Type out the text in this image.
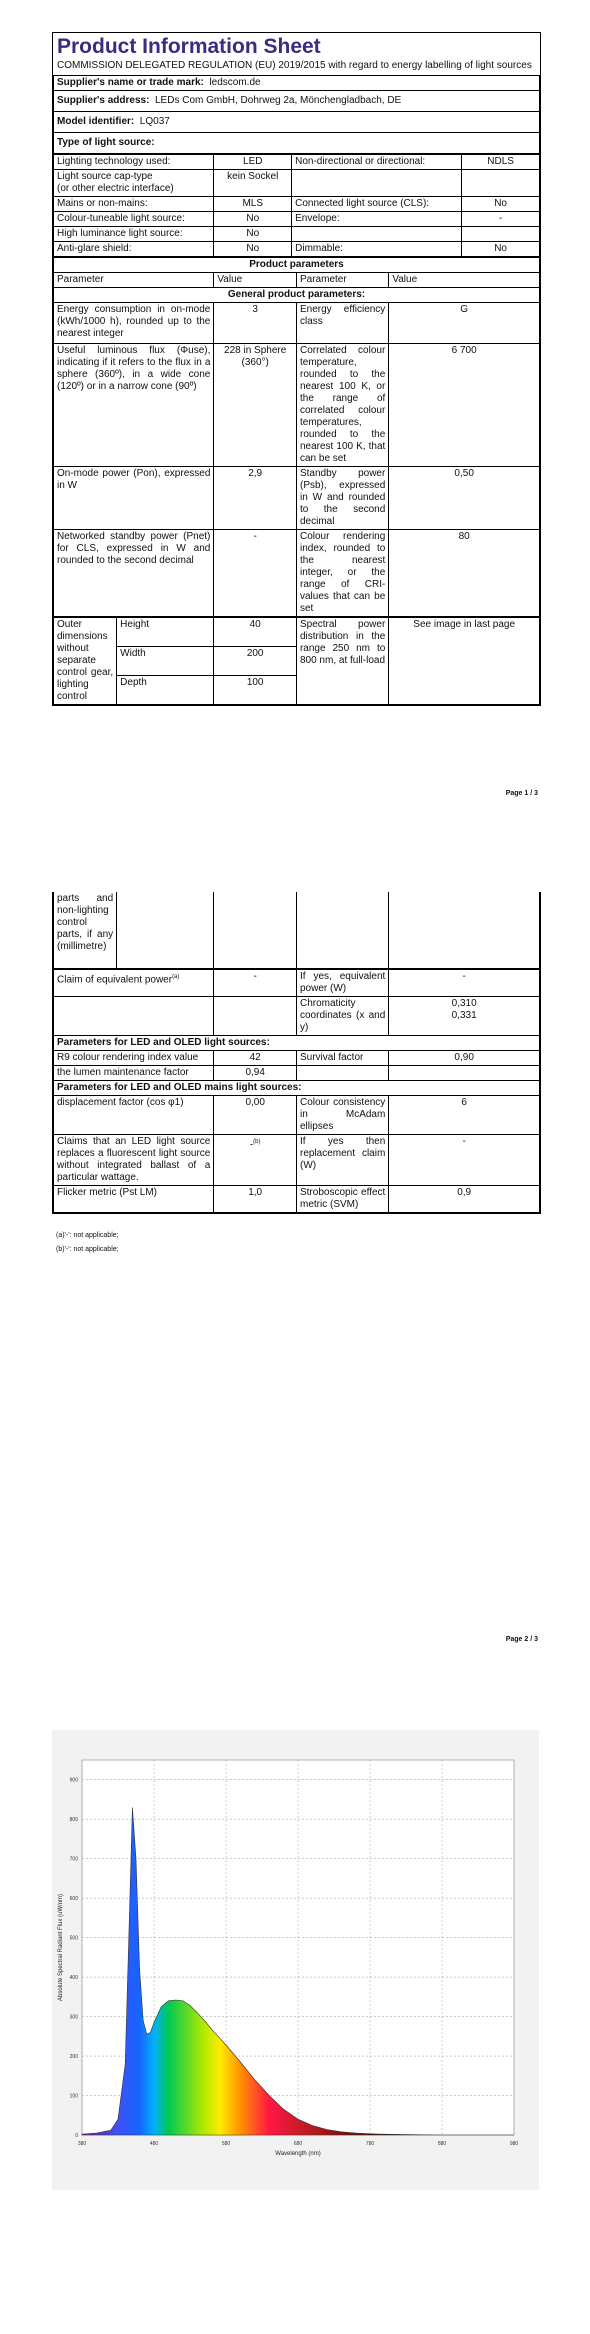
Product Information Sheet
COMMISSION DELEGATED REGULATION (EU) 2019/2015 with regard to energy labelling of light sources
Supplier's name or trade mark: ledscom.de
Supplier's address: LEDs Com GmbH, Dohrweg 2a, Mönchengladbach, DE
Model identifier: LQ037
Type of light source:
Lighting technology used:	LED	Non-directional or directional:	NDLS
Light source cap-type
(or other electric interface)	kein Sockel		
Mains or non-mains:	MLS	Connected light source (CLS):	No
Colour-tuneable light source:	No	Envelope:	-
High luminance light source:	No		
Anti-glare shield:	No	Dimmable:	No
Product parameters			
Parameter	Value	Parameter	Value
General product parameters:			
Energy consumption in on-mode (kWh/1000 h), rounded up to the nearest integer	3	Energy efficiency class	G
Useful luminous flux (Φuse), indicating if it refers to the flux in a sphere (360º), in a wide cone (120º) or in a narrow cone (90º)	228 in Sphere (360°)	Correlated colour temperature, rounded to the nearest 100 K, or the range of correlated colour temperatures, rounded to the nearest 100 K, that can be set	6 700
On-mode power (Pon), expressed in W	2,9	Standby power (Psb), expressed in W and rounded to the second decimal	0,50
Networked standby power (Pnet) for CLS, expressed in W and rounded to the second decimal	-	Colour rendering index, rounded to the nearest integer, or the range of CRI-values that can be set	80
Outer dimensions without separate control gear, lighting control	Height	40	Spectral power distribution in the range 250 nm to 800 nm, at full-load	See image in last page
	Width	200		
	Depth	100		
Page 1 / 3
parts and non-lighting control parts, if any (millimetre)				
Claim of equivalent power$^{(a)}$	-	If yes, equivalent power (W)	-
		Chromaticity coordinates (x and y)	0,310
0,331
Parameters for LED and OLED light sources:			
R9 colour rendering index value	42	Survival factor	0,90
the lumen maintenance factor	0,94		
Parameters for LED and OLED mains light sources:			
displacement factor (cos φ1)	0,00	Colour consistency in McAdam ellipses	6
Claims that an LED light source replaces a fluorescent light source without integrated ballast of a particular wattage.	-$^{(b)}$	If yes then replacement claim (W)	-
Flicker metric (Pst LM)	1,0	Stroboscopic effect metric (SVM)	0,9
(a)'-': not applicable;
(b)'-': not applicable;
Page 2 / 3
380	480	580	680	780	880	980
0
100
200
300
400
500
600
700
800
900
Wavelength (nm)
Absolute Spectral Radiant Flux (uW/nm)
